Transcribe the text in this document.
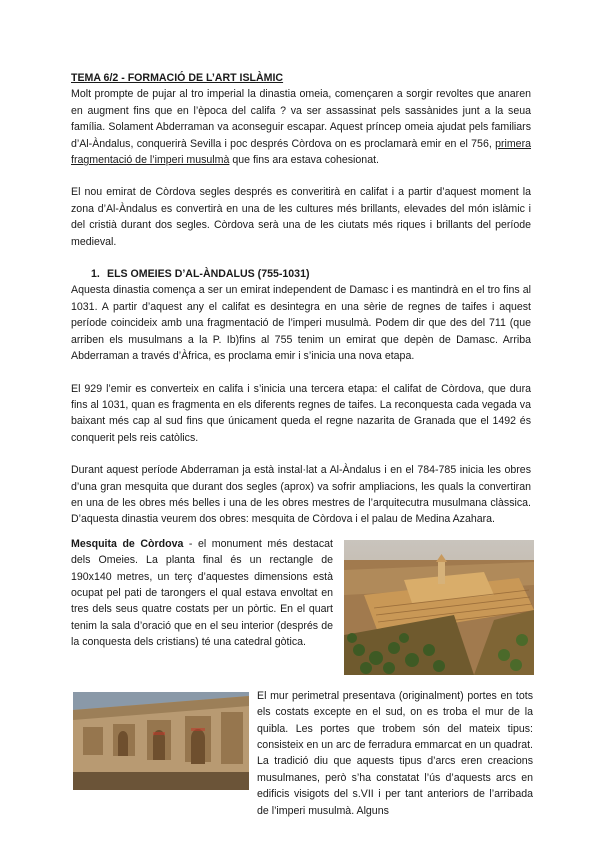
TEMA 6/2 - FORMACIÓ DE L’ART ISLÀMIC

Molt prompte de pujar al tro imperial la dinastia omeia, començaren a sorgir revoltes que anaren en augment fins que en l’època del califa ? va ser assassinat pels sassànides junt a la seua família. Solament Abderraman va aconseguir escapar. Aquest príncep omeia ajudat pels familiars d’Al-Àndalus, conquerirà Sevilla i poc després Còrdova on es proclamarà emir en el 756, primera fragmentació de l’imperi musulmà que fins ara estava cohesionat.

El nou emirat de Còrdova segles després es converitirà en califat i a partir d’aquest moment la zona d’Al-Àndalus es convertirà en una de les cultures més brillants, elevades del món islàmic i del cristià durant dos segles. Còrdova serà una de les ciutats més riques i brillants del període medieval.

1. ELS OMEIES D’AL-ÀNDALUS (755-1031)

Aquesta dinastia comença a ser un emirat independent de Damasc i es mantindrà en el tro fins al 1031. A partir d’aquest any el califat es desintegra en una sèrie de regnes de taifes i aquest període coincideix amb una fragmentació de l’imperi musulmà. Podem dir que des del 711 (que arriben els musulmans a la P. Ib)fins al 755 tenim un emirat que depèn de Damasc. Arriba Abderraman a través d’Àfrica, es proclama emir i s’inicia una nova etapa.

El 929 l’emir es converteix en califa i s’inicia una tercera etapa: el califat de Còrdova, que dura fins al 1031, quan es fragmenta en els diferents regnes de taifes. La reconquesta cada vegada va baixant més cap al sud fins que únicament queda el regne nazarita de Granada que el 1492 és conquerit pels reis catòlics.

Durant aquest període Abderraman ja està instal·lat a Al-Àndalus i en el 784-785 inicia les obres d’una gran mesquita que durant dos segles (aprox) va sofrir ampliacions, les quals la convertiran en una de les obres més belles i una de les obres mestres de l’arquitecutra musulmana clàssica. D’aquesta dinastia veurem dos obres: mesquita de Còrdova i el palau de Medina Azahara.

Mesquita de Còrdova - el monument més destacat dels Omeies. La planta final és un rectangle de 190x140 metres, un terç d’aquestes dimensions està ocupat pel pati de tarongers el qual estava envoltat en tres dels seus quatre costats per un pòrtic. En el quart tenim la sala d’oració que en el seu interior (després de la conquesta dels cristians) té una catedral gòtica.

El mur perimetral presentava (originalment) portes en tots els costats excepte en el sud, on es troba el mur de la quibla. Les portes que trobem són del mateix tipus: consisteix en un arc de ferradura emmarcat en un quadrat. La tradició diu que aquests tipus d’arcs eren creacions musulmanes, però s’ha constatat l’ús d’aquests arcs en edificis visigots del s.VII i per tant anteriors de l’arribada de l’imperi musulmà. Alguns
